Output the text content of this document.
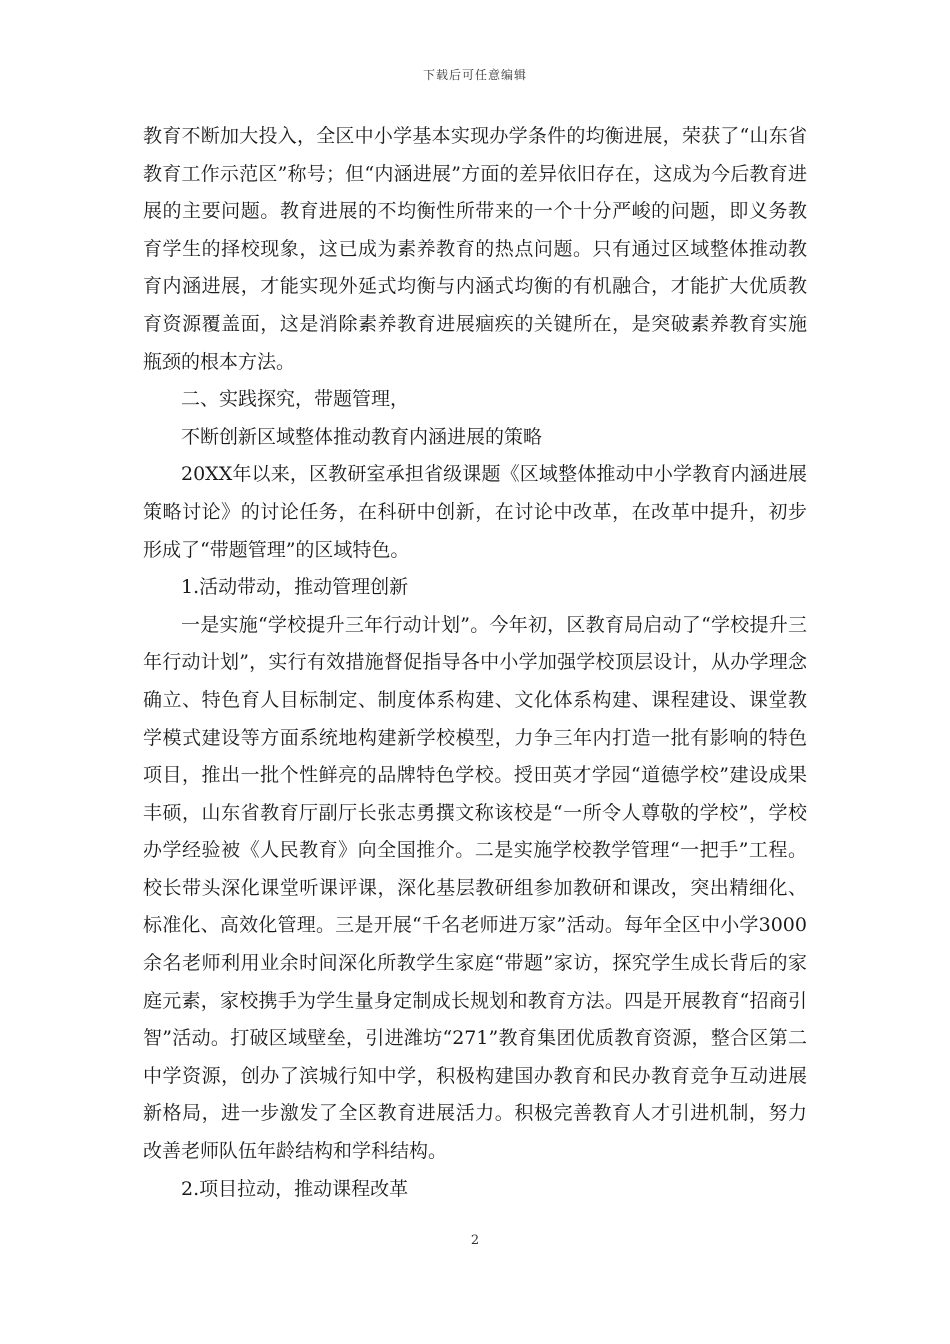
下载后可任意编辑

教育不断加大投入，全区中小学基本实现办学条件的均衡进展，荣获了“山东省教育工作示范区”称号；但“内涵进展”方面的差异依旧存在，这成为今后教育进展的主要问题。教育进展的不均衡性所带来的一个十分严峻的问题，即义务教育学生的择校现象，这已成为素养教育的热点问题。只有通过区域整体推动教育内涵进展，才能实现外延式均衡与内涵式均衡的有机融合，才能扩大优质教育资源覆盖面，这是消除素养教育进展痼疾的关键所在，是突破素养教育实施瓶颈的根本方法。

二、实践探究，带题管理，

不断创新区域整体推动教育内涵进展的策略

20XX年以来，区教研室承担省级课题《区域整体推动中小学教育内涵进展策略讨论》的讨论任务，在科研中创新，在讨论中改革，在改革中提升，初步形成了“带题管理”的区域特色。

1.活动带动，推动管理创新

一是实施“学校提升三年行动计划”。今年初，区教育局启动了“学校提升三年行动计划”，实行有效措施督促指导各中小学加强学校顶层设计，从办学理念确立、特色育人目标制定、制度体系构建、文化体系构建、课程建设、课堂教学模式建设等方面系统地构建新学校模型，力争三年内打造一批有影响的特色项目，推出一批个性鲜亮的品牌特色学校。授田英才学园“道德学校”建设成果丰硕，山东省教育厅副厅长张志勇撰文称该校是“一所令人尊敬的学校”，学校办学经验被《人民教育》向全国推介。二是实施学校教学管理“一把手”工程。校长带头深化课堂听课评课，深化基层教研组参加教研和课改，突出精细化、标准化、高效化管理。三是开展“千名老师进万家”活动。每年全区中小学3000余名老师利用业余时间深化所教学生家庭“带题”家访，探究学生成长背后的家庭元素，家校携手为学生量身定制成长规划和教育方法。四是开展教育“招商引智”活动。打破区域壁垒，引进潍坊“271”教育集团优质教育资源，整合区第二中学资源，创办了滨城行知中学，积极构建国办教育和民办教育竞争互动进展新格局，进一步激发了全区教育进展活力。积极完善教育人才引进机制，努力改善老师队伍年龄结构和学科结构。

2.项目拉动，推动课程改革

2
